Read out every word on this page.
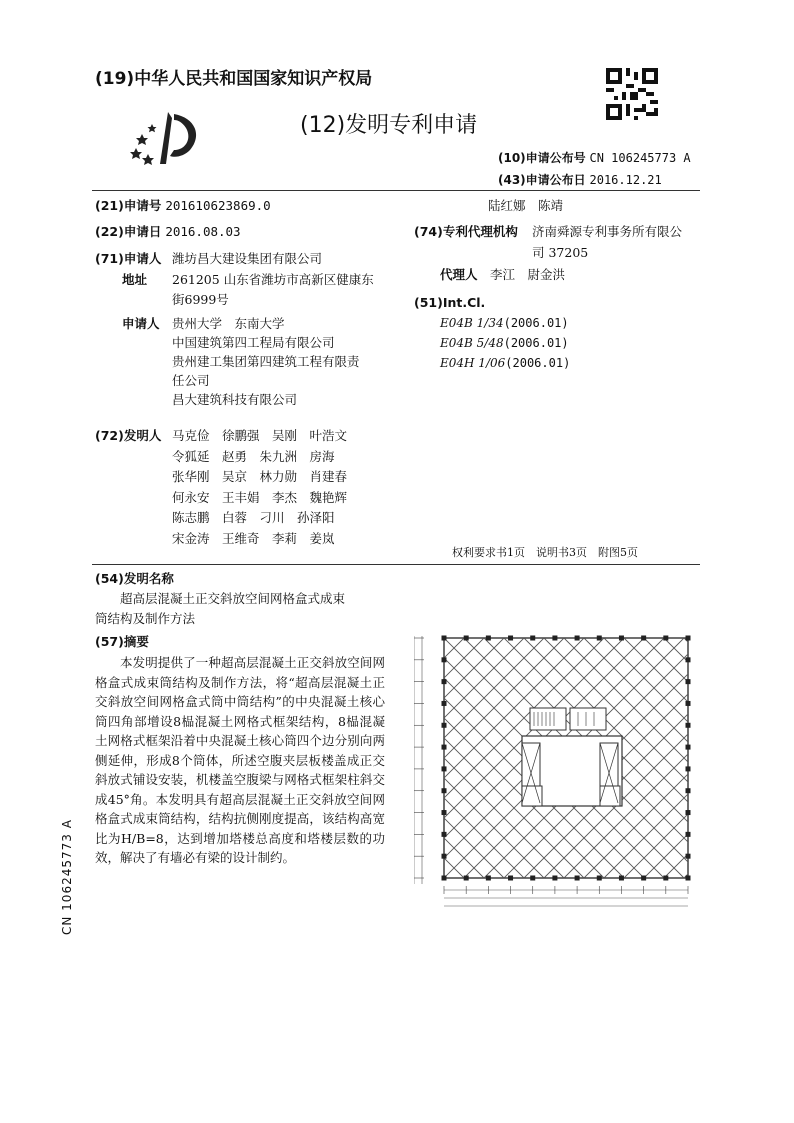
(19)中华人民共和国国家知识产权局
(12)发明专利申请
(10)申请公布号 CN 106245773 A
(43)申请公布日 2016.12.21
(21)申请号 201610623869.0
(22)申请日 2016.08.03
(71)申请人 潍坊昌大建设集团有限公司
地址 261205 山东省潍坊市高新区健康东
街6999号
申请人 贵州大学　东南大学
中国建筑第四工程局有限公司
贵州建工集团第四建筑工程有限责
任公司
昌大建筑科技有限公司
(72)发明人 马克俭　徐鹏强　吴刚　叶浩文
令狐延　赵勇　朱九洲　房海
张华刚　吴京　林力勋　肖建春
何永安　王丰娟　李杰　魏艳辉
陈志鹏　白蓉　刁川　孙泽阳
宋金涛　王维奇　李莉　姜岚
陆红娜　陈靖
(74)专利代理机构 济南舜源专利事务所有限公
司 37205
代理人 李江　尉金洪
(51)Int.Cl.
E04B 1/34(2006.01)
E04B 5/48(2006.01)
E04H 1/06(2006.01)
权利要求书1页　说明书3页　附图5页
(54)发明名称
超高层混凝土正交斜放空间网格盒式成束
筒结构及制作方法
(57)摘要

本发明提供了一种超高层混凝土正交斜放空间网格盒式成束筒结构及制作方法，将“超高层混凝土正交斜放空间网格盒式筒中筒结构”的中央混凝土核心筒四角部增设8榀混凝土网格式框架结构，8榀混凝土网格式框架沿着中央混凝土核心筒四个边分别向两侧延伸，形成8个筒体，所述空腹夹层板楼盖成正交斜放式铺设安装，机楼盖空腹梁与网格式框架柱斜交成45°角。本发明具有超高层混凝土正交斜放空间网格盒式成束筒结构，结构抗侧刚度提高，该结构高宽比为H/B=8，达到增加塔楼总高度和塔楼层数的功效，解决了有墙必有梁的设计制约。

CN 106245773 A
